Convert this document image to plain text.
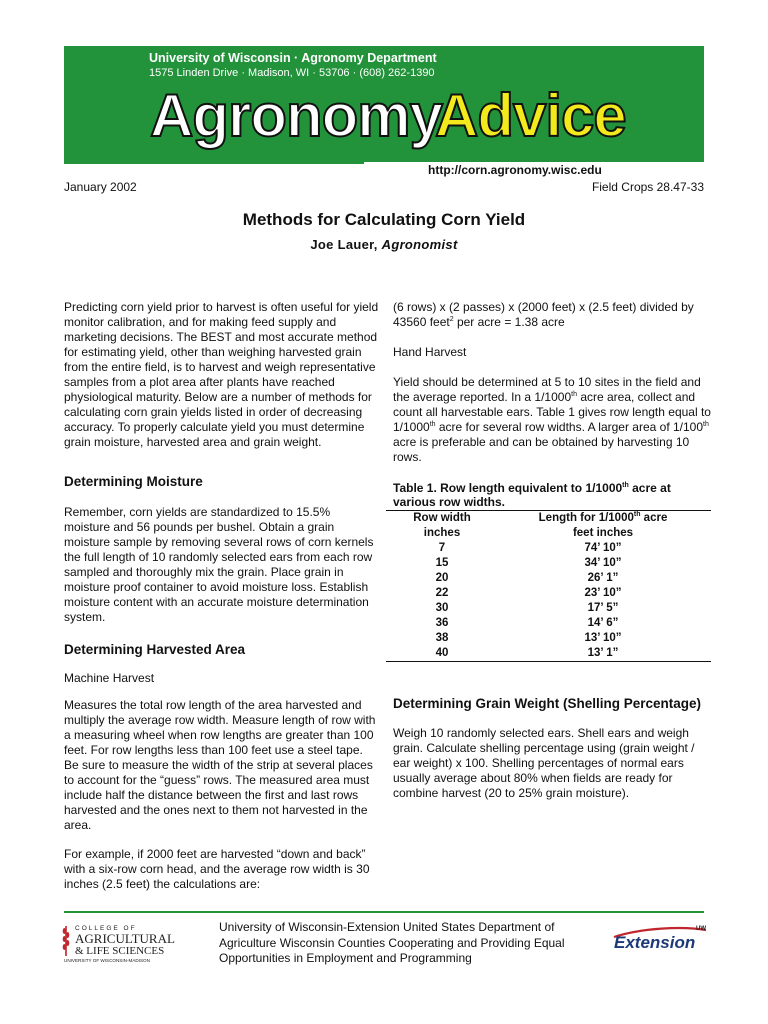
University of Wisconsin · Agronomy Department
1575 Linden Drive · Madison, WI · 53706 · (608) 262-1390
Agronomy
Advice
http://corn.agronomy.wisc.edu
January 2002	Field Crops 28.47-33
Methods for Calculating Corn Yield
Joe Lauer, Agronomist

Predicting corn yield prior to harvest is often useful for yield monitor calibration, and for making feed supply and marketing decisions. The BEST and most accurate method for estimating yield, other than weighing harvested grain from the entire field, is to harvest and weigh representative samples from a plot area after plants have reached physiological maturity. Below are a number of methods for calculating corn grain yields listed in order of decreasing accuracy. To properly calculate yield you must determine grain moisture, harvested area and grain weight.

Determining Moisture

Remember, corn yields are standardized to 15.5% moisture and 56 pounds per bushel. Obtain a grain moisture sample by removing several rows of corn kernels the full length of 10 randomly selected ears from each row sampled and thoroughly mix the grain. Place grain in moisture proof container to avoid moisture loss. Establish moisture content with an accurate moisture determination system.

Determining Harvested Area

Machine Harvest

Measures the total row length of the area harvested and multiply the average row width. Measure length of row with a measuring wheel when row lengths are greater than 100 feet. For row lengths less than 100 feet use a steel tape. Be sure to measure the width of the strip at several places to account for the “guess” rows. The measured area must include half the distance between the first and last rows harvested and the ones next to them not harvested in the area.

For example, if 2000 feet are harvested “down and back” with a six-row corn head, and the average row width is 30 inches (2.5 feet) the calculations are:

(6 rows) x (2 passes) x (2000 feet) x (2.5 feet) divided by 43560 feet$^2$ per acre = 1.38 acre

Hand Harvest

Yield should be determined at 5 to 10 sites in the field and the average reported. In a 1/1000th acre area, collect and count all harvestable ears. Table 1 gives row length equal to 1/1000th acre for several row widths. A larger area of 1/100th acre is preferable and can be obtained by harvesting 10 rows.

Table 1. Row length equivalent to 1/1000th acre at various row widths.
Row width	Length for 1/1000th acre
inches	feet inches
7	74’ 10”
15	34’ 10”
20	26’ 1”
22	23’ 10”
30	17’ 5”
36	14’ 6”
38	13’ 10”
40	13’ 1”
Determining Grain Weight (Shelling Percentage)

Weigh 10 randomly selected ears. Shell ears and weigh grain. Calculate shelling percentage using (grain weight / ear weight) x 100. Shelling percentages of normal ears usually average about 80% when fields are ready for combine harvest (20 to 25% grain moisture).

COLLEGE OF
AGRICULTURAL
& LIFE SCIENCES
UNIVERSITY OF WISCONSIN-MADISON
University of Wisconsin-Extension United States Department of Agriculture Wisconsin Counties Cooperating and Providing Equal Opportunities in Employment and Programming
UW
Extension
